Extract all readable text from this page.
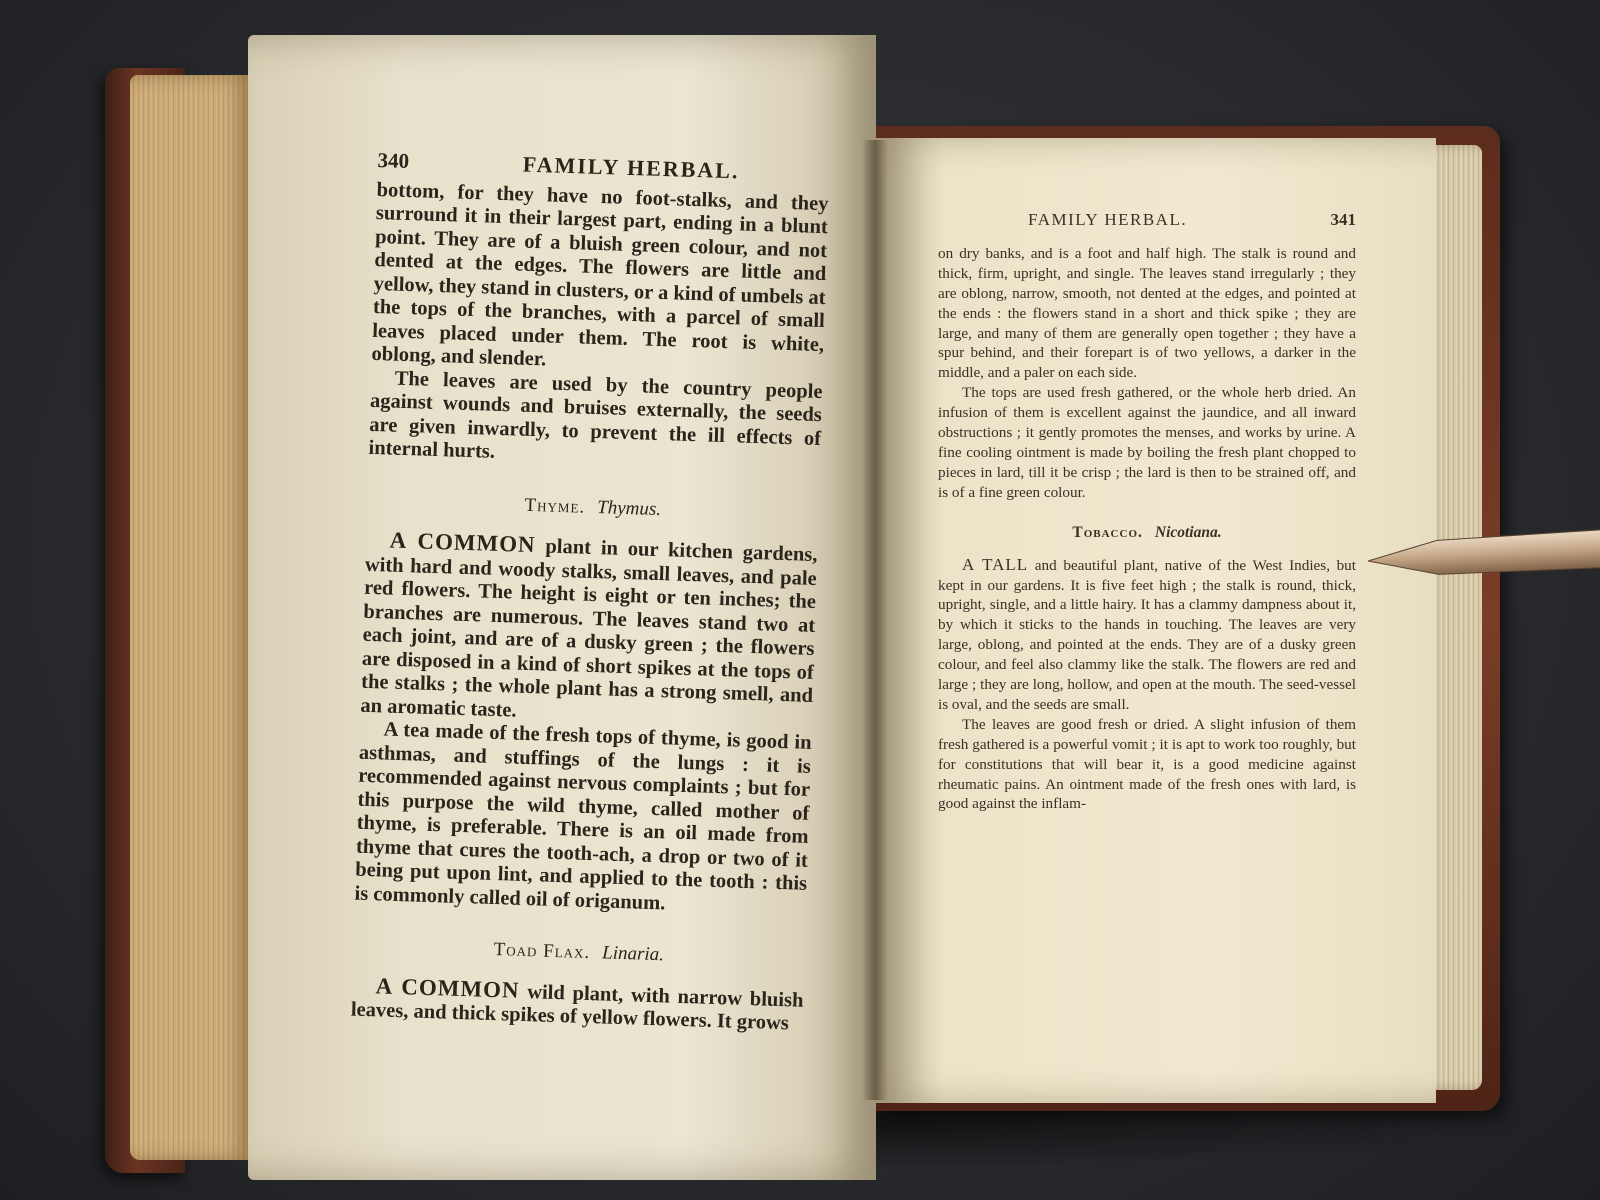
340	FAMILY HERBAL.

bottom, for they have no foot-stalks, and they surround it in their largest part, ending in a blunt point. They are of a bluish green colour, and not dented at the edges. The flowers are little and yellow, they stand in clusters, or a kind of umbels at the tops of the branches, with a parcel of small leaves placed under them. The root is white, oblong, and slender.

The leaves are used by the country people against wounds and bruises externally, the seeds are given inwardly, to prevent the ill effects of internal hurts.

Thyme. Thymus.

A COMMON plant in our kitchen gardens, with hard and woody stalks, small leaves, and pale red flowers. The height is eight or ten inches; the branches are numerous. The leaves stand two at each joint, and are of a dusky green ; the flowers are disposed in a kind of short spikes at the tops of the stalks ; the whole plant has a strong smell, and an aromatic taste.

A tea made of the fresh tops of thyme, is good in asthmas, and stuffings of the lungs : it is recommended against nervous complaints ; but for this purpose the wild thyme, called mother of thyme, is preferable. There is an oil made from thyme that cures the tooth-ach, a drop or two of it being put upon lint, and applied to the tooth : this is commonly called oil of origanum.

Toad Flax. Linaria.

A COMMON wild plant, with narrow bluish leaves, and thick spikes of yellow flowers. It grows

FAMILY HERBAL.	341

on dry banks, and is a foot and half high. The stalk is round and thick, firm, upright, and single. The leaves stand irregularly ; they are oblong, narrow, smooth, not dented at the edges, and pointed at the ends : the flowers stand in a short and thick spike ; they are large, and many of them are generally open together ; they have a spur behind, and their forepart is of two yellows, a darker in the middle, and a paler on each side.

The tops are used fresh gathered, or the whole herb dried. An infusion of them is excellent against the jaundice, and all inward obstructions ; it gently promotes the menses, and works by urine. A fine cooling ointment is made by boiling the fresh plant chopped to pieces in lard, till it be crisp ; the lard is then to be strained off, and is of a fine green colour.

Tobacco. Nicotiana.

A TALL and beautiful plant, native of the West Indies, but kept in our gardens. It is five feet high ; the stalk is round, thick, upright, single, and a little hairy. It has a clammy dampness about it, by which it sticks to the hands in touching. The leaves are very large, oblong, and pointed at the ends. They are of a dusky green colour, and feel also clammy like the stalk. The flowers are red and large ; they are long, hollow, and open at the mouth. The seed-vessel is oval, and the seeds are small.

The leaves are good fresh or dried. A slight infusion of them fresh gathered is a powerful vomit ; it is apt to work too roughly, but for constitutions that will bear it, is a good medicine against rheumatic pains. An ointment made of the fresh ones with lard, is good against the inflam-
